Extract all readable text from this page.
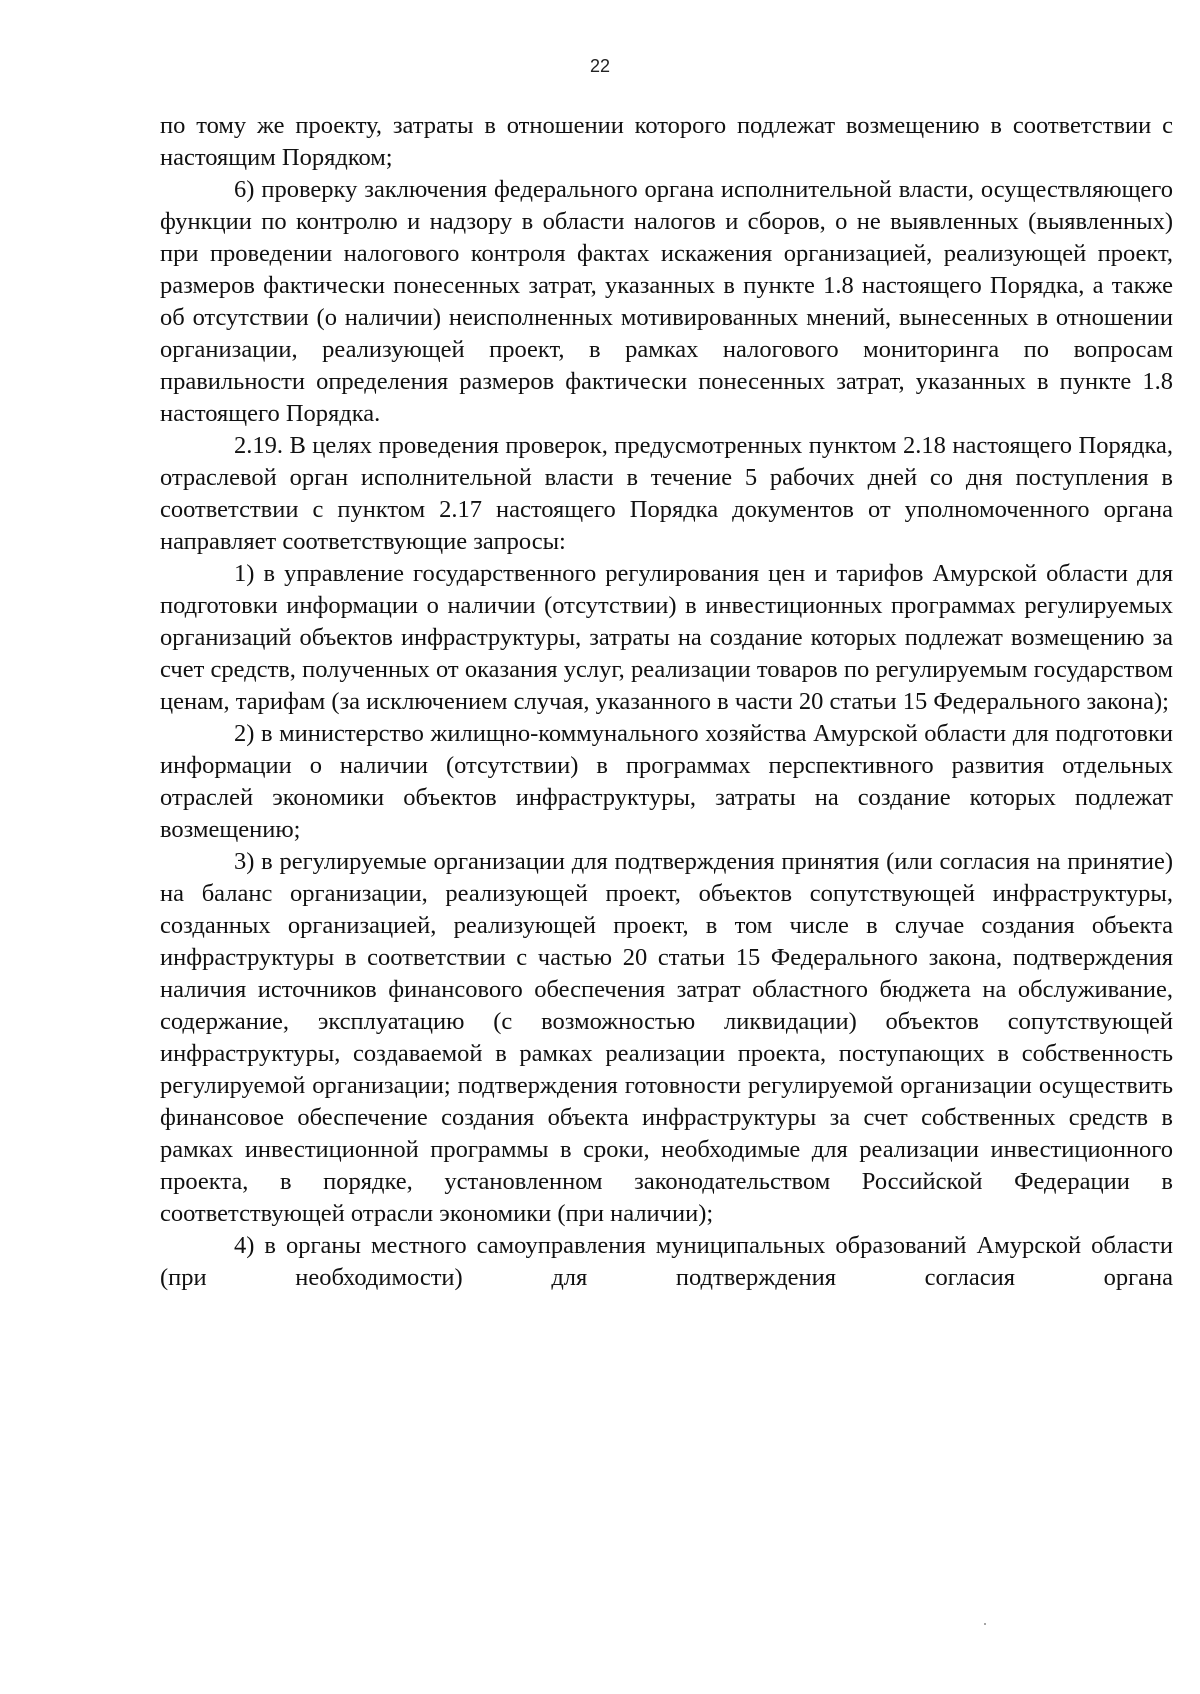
22

по тому же проекту, затраты в отношении которого подлежат возмещению в соответствии с настоящим Порядком;

6) проверку заключения федерального органа исполнительной власти, осуществляющего функции по контролю и надзору в области налогов и сборов, о не выявленных (выявленных) при проведении налогового контроля фактах искажения организацией, реализующей проект, размеров фактически понесенных затрат, указанных в пункте 1.8 настоящего Порядка, а также об отсутствии (о наличии) неисполненных мотивированных мнений, вынесенных в отношении организации, реализующей проект, в рамках налогового мониторинга по вопросам правильности определения размеров фактически понесенных затрат, указанных в пункте 1.8 настоящего Порядка.

2.19. В целях проведения проверок, предусмотренных пунктом 2.18 настоящего Порядка, отраслевой орган исполнительной власти в течение 5 рабочих дней со дня поступления в соответствии с пунктом 2.17 настоящего Порядка документов от уполномоченного органа направляет соответствующие запросы:

1) в управление государственного регулирования цен и тарифов Амурской области для подготовки информации о наличии (отсутствии) в инвестиционных программах регулируемых организаций объектов инфраструктуры, затраты на создание которых подлежат возмещению за счет средств, полученных от оказания услуг, реализации товаров по регулируемым государством ценам, тарифам (за исключением случая, указанного в части 20 статьи 15 Федерального закона);

2) в министерство жилищно-коммунального хозяйства Амурской области для подготовки информации о наличии (отсутствии) в программах перспективного развития отдельных отраслей экономики объектов инфраструктуры, затраты на создание которых подлежат возмещению;

3) в регулируемые организации для подтверждения принятия (или согласия на принятие) на баланс организации, реализующей проект, объектов сопутствующей инфраструктуры, созданных организацией, реализующей проект, в том числе в случае создания объекта инфраструктуры в соответствии с частью 20 статьи 15 Федерального закона, подтверждения наличия источников финансового обеспечения затрат областного бюджета на обслуживание, содержание, эксплуатацию (с возможностью ликвидации) объектов сопутствующей инфраструктуры, создаваемой в рамках реализации проекта, поступающих в собственность регулируемой организации; подтверждения готовности регулируемой организации осуществить финансовое обеспечение создания объекта инфраструктуры за счет собственных средств в рамках инвестиционной программы в сроки, необходимые для реализации инвестиционного проекта, в порядке, установленном законодательством Российской Федерации в соответствующей отрасли экономики (при наличии);

4) в органы местного самоуправления муниципальных образований Амурской области (при необходимости) для подтверждения согласия органа
